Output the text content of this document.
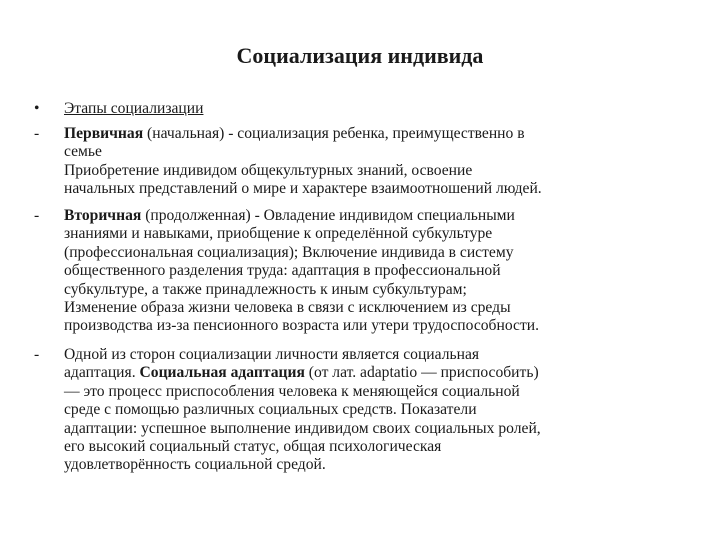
Социализация индивида
•	Этапы социализации
-	Первичная (начальная) - социализация ребенка, преимущественно в
семье
Приобретение индивидом общекультурных знаний, освоение
начальных представлений о мире и характере взаимоотношений людей.
-	Вторичная (продолженная) - Овладение индивидом специальными
знаниями и навыками, приобщение к определённой субкультуре
(профессиональная социализация); Включение индивида в систему
общественного разделения труда: адаптация в профессиональной
субкультуре, а также принадлежность к иным субкультурам;
Изменение образа жизни человека в связи с исключением из среды
производства из-за пенсионного возраста или утери трудоспособности.
-	Одной из сторон социализации личности является социальная
адаптация. Социальная адаптация (от лат. adaptatio — приспособить)
— это процесс приспособления человека к меняющейся социальной
среде с помощью различных социальных средств. Показатели
адаптации: успешное выполнение индивидом своих социальных ролей,
его высокий социальный статус, общая психологическая
удовлетворённость социальной средой.
